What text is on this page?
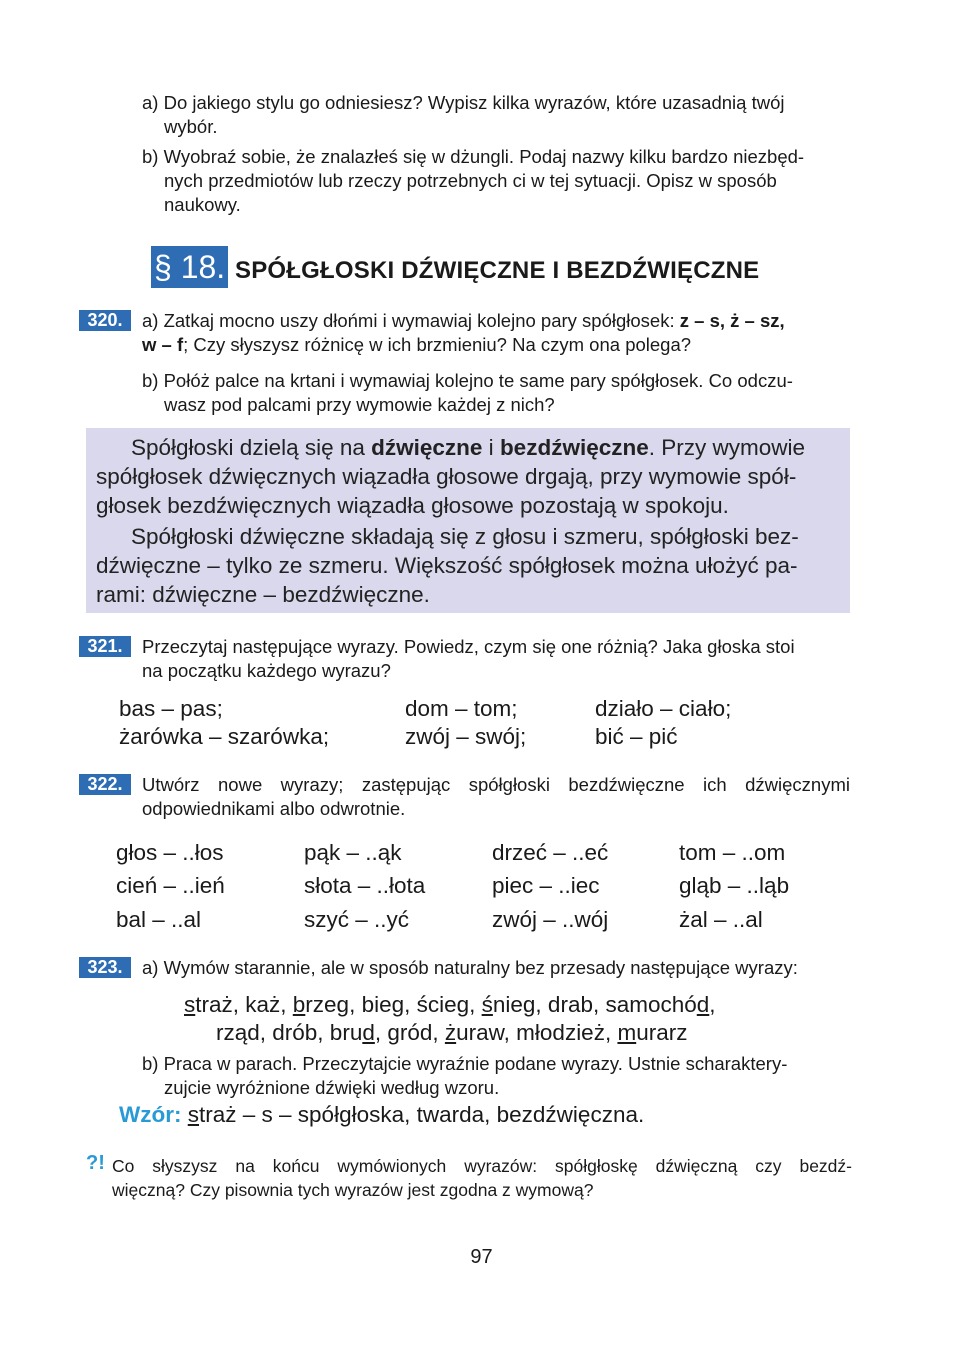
a) Do jakiego stylu go odniesiesz? Wypisz kilka wyrazów, które uzasadnią twój
wybór.
b) Wyobraź sobie, że znalazłeś się w dżungli. Podaj nazwy kilku bardzo niezbęd-
nych przedmiotów lub rzeczy potrzebnych ci w tej sytuacji. Opisz w sposób
naukowy.
§ 18. SPÓŁGŁOSKI DŹWIĘCZNE I BEZDŹWIĘCZNE
320.	a) Zatkaj mocno uszy dłońmi i wymawiaj kolejno pary spółgłosek: z – s, ż – sz,
w – f; Czy słyszysz różnicę w ich brzmieniu? Na czym ona polega?
b) Połóż palce na krtani i wymawiaj kolejno te same pary spółgłosek. Co odczu-
wasz pod palcami przy wymowie każdej z nich?
Spółgłoski dzielą się na dźwięczne i bezdźwięczne. Przy wymowie
spółgłosek dźwięcznych wiązadła głosowe drgają, przy wymowie spół-
głosek bezdźwięcznych wiązadła głosowe pozostają w spokoju.
Spółgłoski dźwięczne składają się z głosu i szmeru, spółgłoski bez-
dźwięczne – tylko ze szmeru. Większość spółgłosek można ułożyć pa-
rami: dźwięczne – bezdźwięczne.
321.	Przeczytaj następujące wyrazy. Powiedz, czym się one różnią? Jaka głoska stoi
na początku każdego wyrazu?
bas – pas;	dom – tom;	działo – ciało;
żarówka – szarówka;	zwój – swój;	bić – pić
322.	Utwórz nowe wyrazy; zastępując spółgłoski bezdźwięczne ich dźwięcznymi
odpowiednikami albo odwrotnie.
głos – ..łos	pąk – ..ąk	drzeć – ..eć	tom – ..om
cień – ..ień	słota – ..łota	piec – ..iec	gląb – ..ląb
bal – ..al	szyć – ..yć	zwój – ..wój	żal – ..al
323.	a) Wymów starannie, ale w sposób naturalny bez przesady następujące wyrazy:
straż, każ, brzeg, bieg, ścieg, śnieg, drab, samochód,
rząd, drób, brud, gród, żuraw, młodzież, murarz
b) Praca w parach. Przeczytajcie wyraźnie podane wyrazy. Ustnie scharaktery-
zujcie wyróżnione dźwięki według wzoru.
Wzór: straż – s – spółgłoska, twarda, bezdźwięczna.
?! Co słyszysz na końcu wymówionych wyrazów: spółgłoskę dźwięczną czy bezdź-
więczną? Czy pisownia tych wyrazów jest zgodna z wymową?
97
